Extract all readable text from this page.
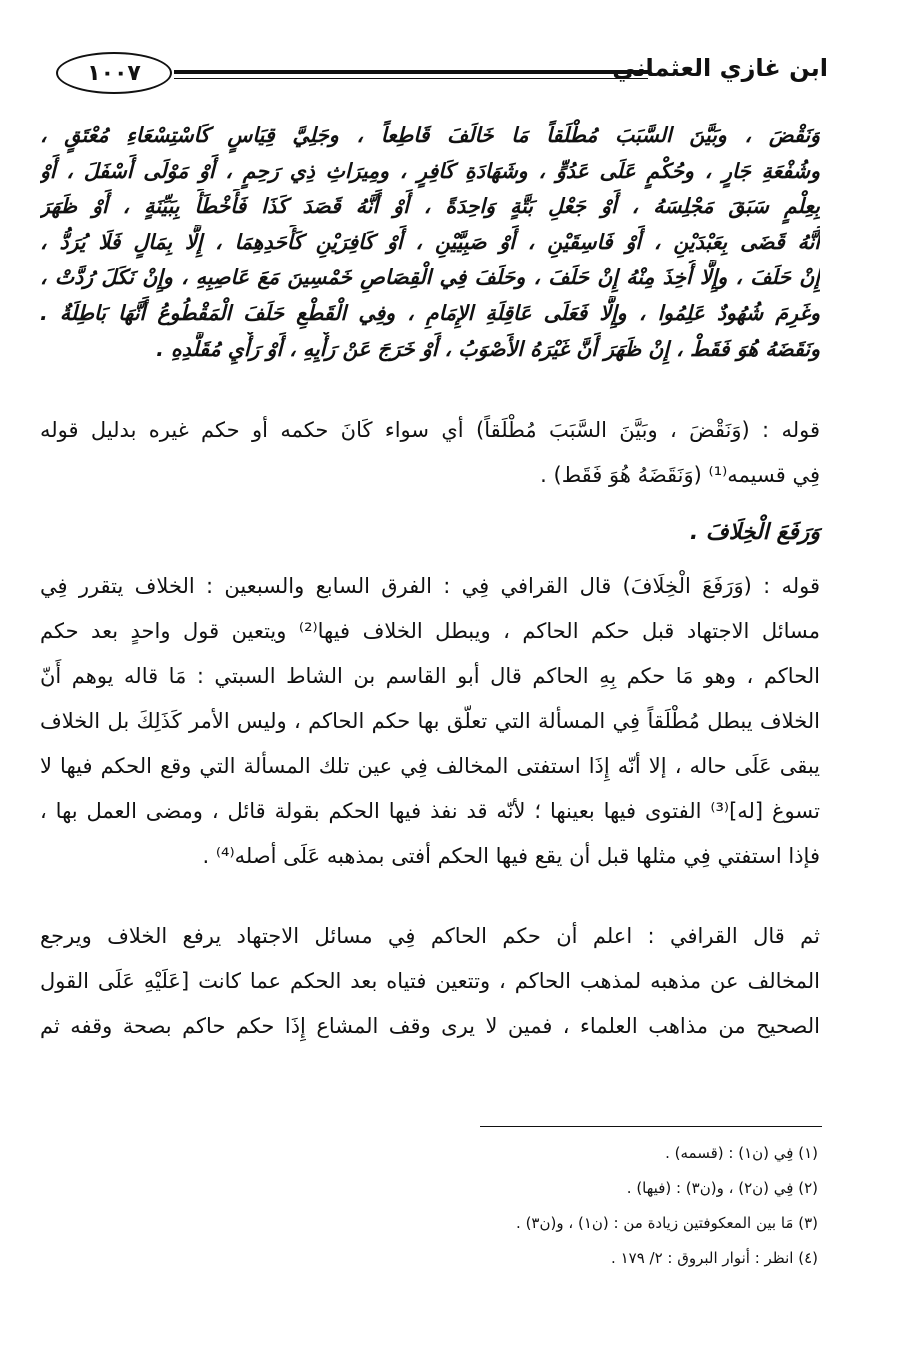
١٠٠٧	ابن غازي العثماني
وَنَقْضَ ، وبَيَّنَ السَّبَبَ مُطْلَقاً مَا خَالَفَ قَاطِعاً ، وجَلِيَّ قِيَاسٍ كَاسْتِسْعَاءِ مُعْتَقٍ ،
وشُفْعَةِ جَارٍ ، وحُكْمٍ عَلَى عَدُوٍّ ، وشَهَادَةِ كَافِرٍ ، ومِيرَاثِ ذِي رَحِمٍ ، أَوْ مَوْلَى أَسْفَلَ ، أَوْ
بِعِلْمٍ سَبَقَ مَجْلِسَهُ ، أَوْ جَعْلِ بَتَّةٍ وَاحِدَةً ، أَوْ أَنَّهُ قَصَدَ كَذَا فَأَخْطَأَ بِبَيِّنَةٍ ، أَوْ ظَهَرَ
أَنَّهُ قَضَى بِعَبْدَيْنِ ، أَوْ فَاسِقَيْنِ ، أَوْ صَبِيَّيْنِ ، أَوْ كَافِرَيْنِ كَأَحَدِهِمَا ، إِلَّا بِمَالٍ فَلَا يُرَدُّ ،
إِنْ حَلَفَ ، وإِلَّا أُخِذَ مِنْهُ إِنْ حَلَفَ ، وحَلَفَ فِي الْقِصَاصِ خَمْسِينَ مَعَ عَاصِبِهِ ، وإِنْ نَكَلَ رُدَّتْ ،
وغَرِمَ شُهُودٌ عَلِمُوا ، وإِلَّا فَعَلَى عَاقِلَةِ الإِمَامِ ، وفِي الْقَطْعِ حَلَفَ الْمَقْطُوعُ أَنَّهَا بَاطِلَةٌ .
ونَقَضَهُ هُوَ فَقَطْ ، إِنْ ظَهَرَ أَنَّ غَيْرَهُ الأَصْوَبُ ، أَوْ خَرَجَ عَنْ رَأْيِهِ ، أَوْ رَأْيِ مُقَلَّدِهِ .
قوله : (وَنَقْضَ ، وبَيَّنَ السَّبَبَ مُطْلَقاً) أي سواء كَانَ حكمه أو حكم غيره بدليل قوله
فِي قسيمه⁽¹⁾ (وَنَقَضَهُ هُوَ فَقَط) .
وَرَفَعَ الْخِلَافَ .
قوله : (وَرَفَعَ الْخِلَافَ) قال القرافي فِي : الفرق السابع والسبعين : الخلاف يتقرر فِي
مسائل الاجتهاد قبل حكم الحاكم ، ويبطل الخلاف فيها⁽²⁾ ويتعين قول واحدٍ بعد حكم
الحاكم ، وهو مَا حكم بِهِ الحاكم قال أبو القاسم بن الشاط السبتي : مَا قاله يوهم أَنّ
الخلاف يبطل مُطْلَقاً فِي المسألة التي تعلّق بها حكم الحاكم ، وليس الأمر كَذَلِكَ بل الخلاف
يبقى عَلَى حاله ، إلا أنّه إِذَا استفتى المخالف فِي عين تلك المسألة التي وقع الحكم فيها لا
تسوغ [له]⁽³⁾ الفتوى فيها بعينها ؛ لأنّه قد نفذ فيها الحكم بقولة قائل ، ومضى العمل بها ،
فإذا استفتي فِي مثلها قبل أن يقع فيها الحكم أفتى بمذهبه عَلَى أصله⁽⁴⁾ .
ثم قال القرافي : اعلم أن حكم الحاكم فِي مسائل الاجتهاد يرفع الخلاف ويرجع
المخالف عن مذهبه لمذهب الحاكم ، وتتعين فتياه بعد الحكم عما كانت [عَلَيْهِ عَلَى القول
الصحيح من مذاهب العلماء ، فمين لا يرى وقف المشاع إِذَا حكم حاكم بصحة وقفه ثم
(١) فِي (ن١) : (قسمه) .
(٢) فِي (ن٢) ، و(ن٣) : (فيها) .
(٣) مَا بين المعكوفتين زيادة من : (ن١) ، و(ن٣) .
(٤) انظر : أنوار البروق : ٢/ ١٧٩ .
